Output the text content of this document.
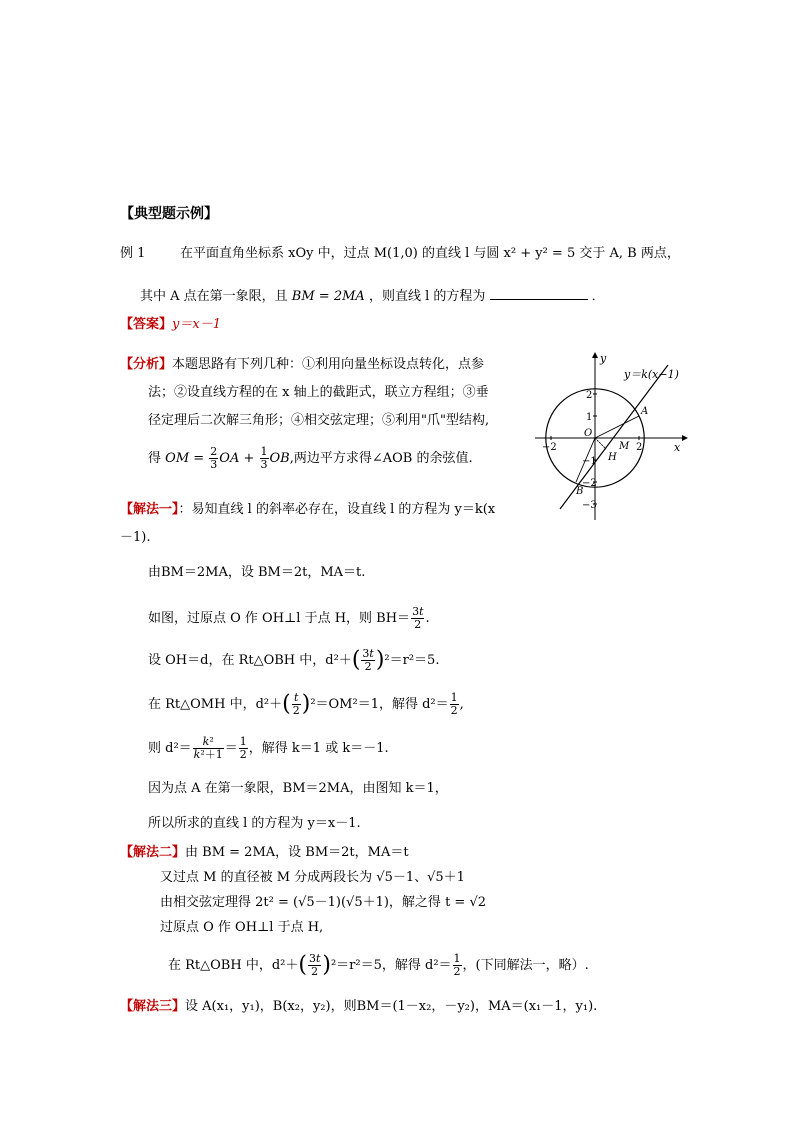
【典型题示例】
例 1	在平面直角坐标系 xOy 中，过点 M(1,0) 的直线 l 与圆 x² + y² = 5 交于 A, B 两点，
其中 A 点在第一象限，且 BM = 2MA ，则直线 l 的方程为	．
【答案】y＝x－1
【分析】本题思路有下列几种：①利用向量坐标设点转化，点参
法；②设直线方程的在 x 轴上的截距式，联立方程组；③垂
径定理后二次解三角形；④相交弦定理；⑤利用"爪"型结构,
得 OM = $\frac{2}{3}$ OA + $\frac{1}{3}$ OB,两边平方求得∠AOB 的余弦值.
y＝k(x−1)
x
y
A
B
O
M
H
−2	2
2
1
−1
−2
−3
【解法一】：易知直线 l 的斜率必存在，设直线 l 的方程为 y＝k(x
－1).
由BM＝2MA，设 BM＝2t，MA＝t.
如图，过原点 O 作 OH⊥l 于点 H，则 $BH= \frac{3t}{2}$ .
设 OH＝d，在 Rt△OBH 中，$d^2+( \frac{3t}{2} )^2=r^2=5$.
在 Rt△OMH 中，$d^2+( \frac{t}{2} )^2=OM^2=1$，解得 $d^2= \frac{1}{2}$ ,
则 $d^2= \frac{\text{k²}}{\text{k²＋1}} = \frac{1}{2}$ ，解得 k＝1 或 k＝－1.
因为点 A 在第一象限，BM＝2MA，由图知 k＝1，
所以所求的直线 l 的方程为 y＝x－1.
【解法二】由 BM = 2MA，设 BM＝2t，MA＝t
又过点 M 的直径被 M 分成两段长为 √5－1、√5＋1
由相交弦定理得 2t² = (√5－1)(√5＋1)，解之得 t = √2
过原点 O 作 OH⊥l 于点 H,
在 Rt△OBH 中，$d^2+( \frac{3t}{2} )^2=r^2=5$，解得 $d^2= \frac{1}{2}$ ，(下同解法一，略）.
【解法三】设 A(x₁，y₁)，B(x₂，y₂)，则BM＝(1－x₂，－y₂)，MA＝(x₁－1，y₁).
